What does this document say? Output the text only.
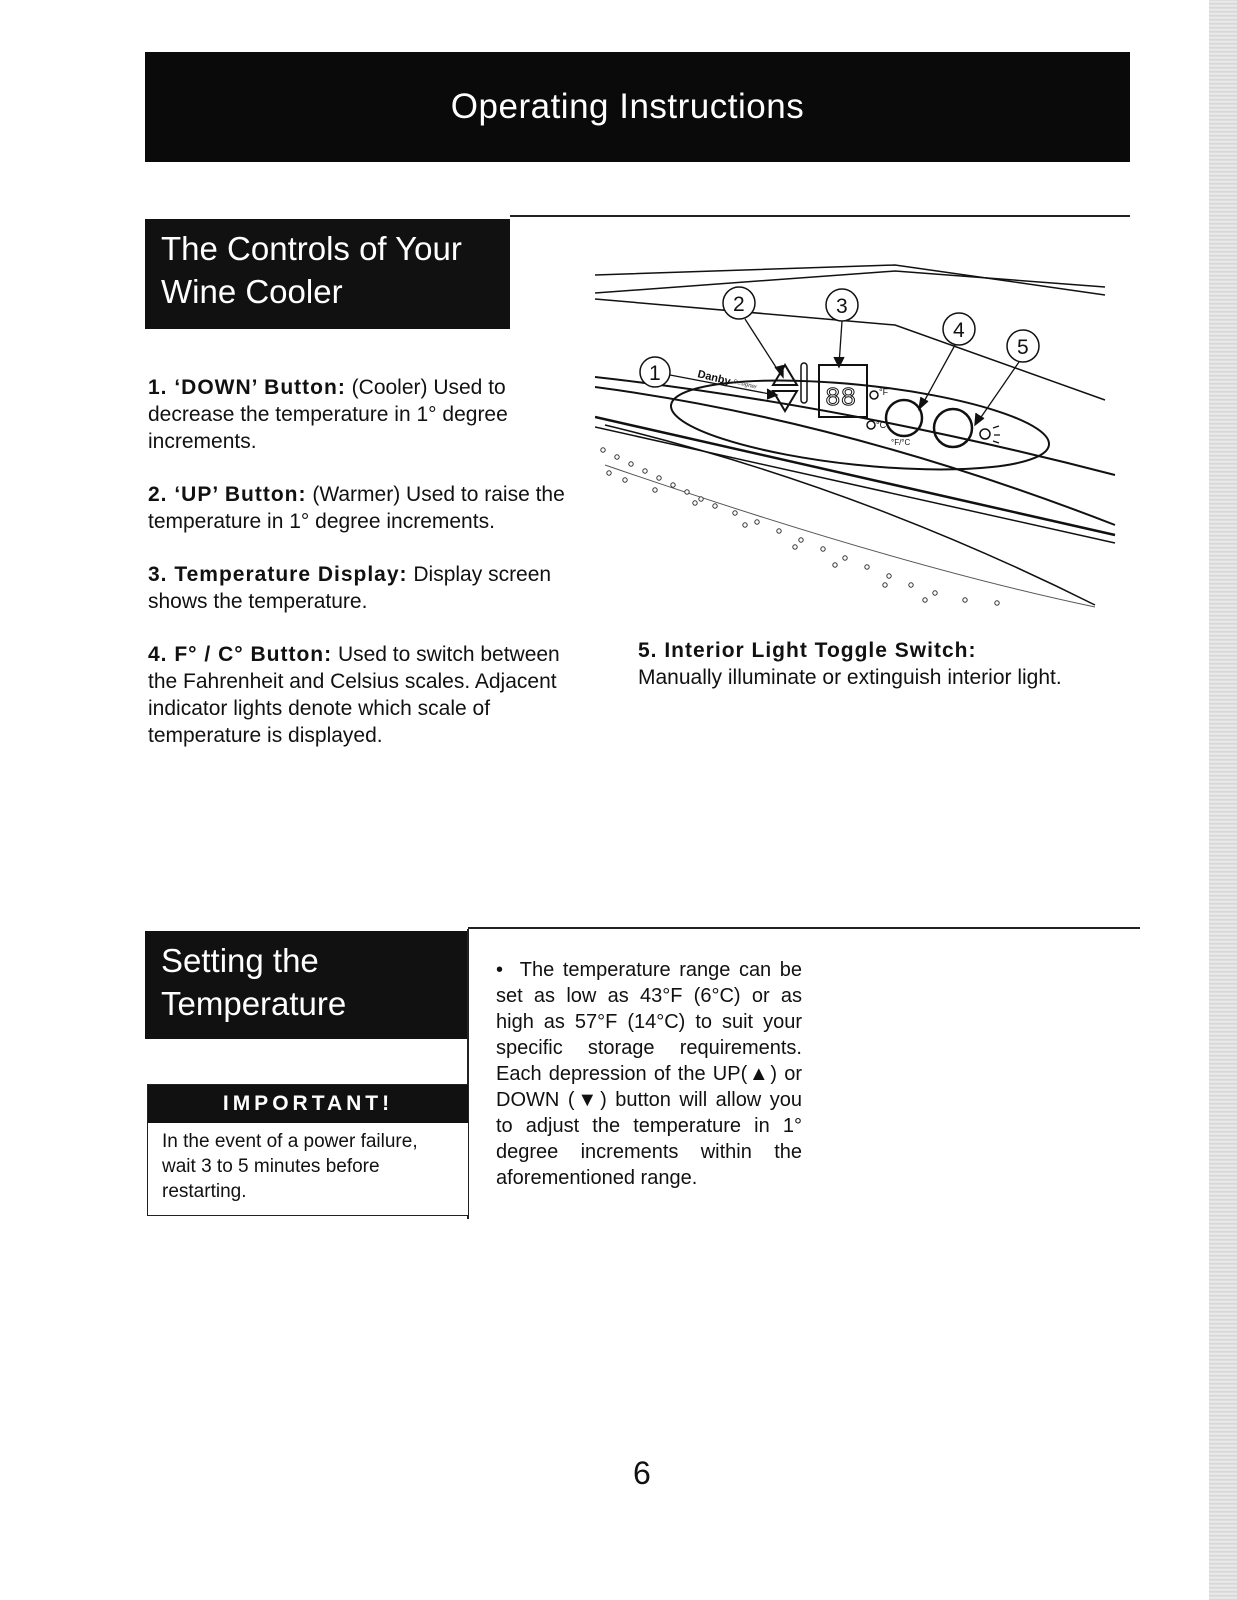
Operating Instructions
The Controls of Your
Wine Cooler
1. ‘DOWN’ Button: (Cooler) Used to decrease the temperature in 1° degree increments.
2. ‘UP’ Button: (Warmer) Used to raise the temperature in 1° degree increments.
3. Temperature Display: Display screen shows the temperature.
4. F° / C° Button: Used to switch between the Fahrenheit and Celsius scales. Adjacent indicator lights denote which scale of temperature is displayed.
5. Interior Light Toggle Switch:
Manually illuminate or extinguish interior light.
Danby Designer	88	°F
°C
°F/°C
1
2	3
4
5
Setting the
Temperature
IMPORTANT!
In the event of a power failure, wait 3 to 5 minutes before restarting.
• The temperature range can be set as low as 43°F (6°C) or as high as 57°F (14°C) to suit your specific storage requirements. Each depression of the UP(▲) or DOWN (▼) button will allow you to adjust the temperature in 1° degree increments within the aforementioned range.
6
